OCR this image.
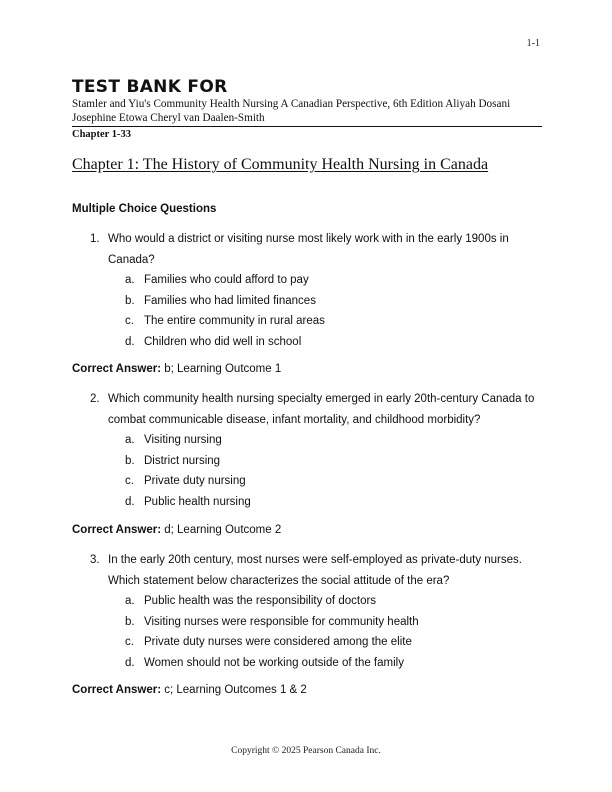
1-1
TEST BANK FOR
Stamler and Yiu's Community Health Nursing A Canadian Perspective, 6th Edition Aliyah Dosani Josephine Etowa Cheryl van Daalen-Smith
Chapter 1-33
Chapter 1: The History of Community Health Nursing in Canada
Multiple Choice Questions
1. Who would a district or visiting nurse most likely work with in the early 1900s in Canada?
a. Families who could afford to pay
b. Families who had limited finances
c. The entire community in rural areas
d. Children who did well in school
Correct Answer: b; Learning Outcome 1
2. Which community health nursing specialty emerged in early 20th-century Canada to combat communicable disease, infant mortality, and childhood morbidity?
a. Visiting nursing
b. District nursing
c. Private duty nursing
d. Public health nursing
Correct Answer: d; Learning Outcome 2
3. In the early 20th century, most nurses were self-employed as private-duty nurses. Which statement below characterizes the social attitude of the era?
a. Public health was the responsibility of doctors
b. Visiting nurses were responsible for community health
c. Private duty nurses were considered among the elite
d. Women should not be working outside of the family
Correct Answer: c; Learning Outcomes 1 & 2
Copyright © 2025 Pearson Canada Inc.
